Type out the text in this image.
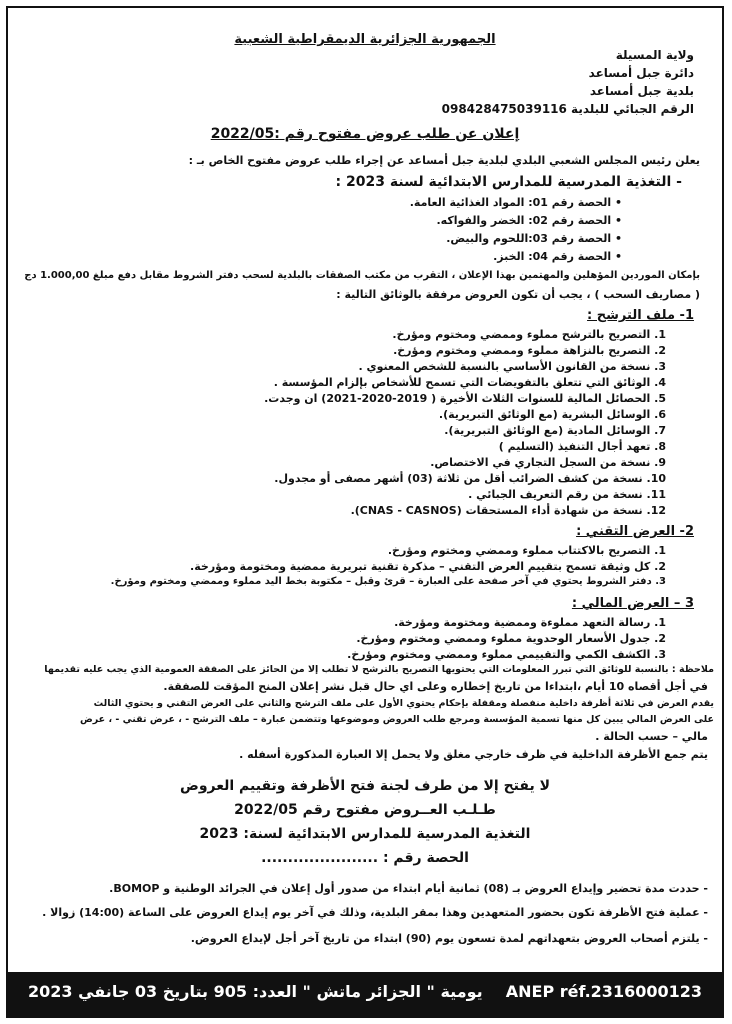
الجمهورية الجزائرية الديمقراطية الشعبية
ولاية المسيلة
دائرة جبل أمساعد
بلدية جبل أمساعد
الرقم الجبائي للبلدية 098428475039116
إعلان عن طلب عروض مفتوح رقم :2022/05
يعلن رئيس المجلس الشعبي البلدي لبلدية جبل أمساعد عن إجراء طلب عروض مفتوح الخاص بـ :
- التغذية المدرسية للمدارس الابتدائية لسنة 2023 :
• الحصة رقم 01: المواد الغذائية العامة.
• الحصة رقم 02: الخضر والفواكه.
• الحصة رقم 03:اللحوم والبيض.
• الحصة رقم 04: الخبز.
بإمكان الموردين المؤهلين والمهتمين بهذا الإعلان ، التقرب من مكتب الصفقات بالبلدية لسحب دفتر الشروط مقابل دفع مبلغ 1.000,00 دج
( مصاريف السحب ) ، يجب أن تكون العروض مرفقة بالوثائق التالية :
1- ملف الترشح :
1. التصريح بالترشح مملوء وممضي ومختوم ومؤرخ.
2. التصريح بالنزاهة مملوء وممضي ومختوم ومؤرخ.
3. نسخة من القانون الأساسي بالنسبة للشخص المعنوي .
4. الوثائق التي تتعلق بالتفويضات التي تسمح للأشخاص بإلزام المؤسسة .
5. الحصائل المالية للسنوات الثلاث الأخيرة ( 2019-2020-2021) ان وجدت.
6. الوسائل البشرية (مع الوثائق التبريرية).
7. الوسائل المادية (مع الوثائق التبريرية).
8. تعهد أجال التنفيذ (التسليم )
9. نسخة من السجل التجاري في الاختصاص.
10. نسخة من كشف الضرائب أقل من ثلاثة (03) أشهر مصفى أو مجدول.
11. نسخة من رقم التعريف الجبائي .
12. نسخة من شهادة أداء المستحقات (CNAS - CASNOS).
2- العرض التقني :
1. التصريح بالاكتتاب مملوء وممضي ومختوم ومؤرخ.
2. كل وثيقة تسمح بتقييم العرض التقني – مذكرة تقنية تبريرية ممضية ومختومة ومؤرخة.
3. دفتر الشروط يحتوي في آخر صفحة على العبارة – قرئ وقبل – مكتوبة بخط اليد مملوء وممضي ومختوم ومؤرخ.
3 – العرض المالي :
1. رسالة التعهد مملوءة وممضية ومختومة ومؤرخة.
2. جدول الأسعار الوحدوية مملوء وممضي ومختوم ومؤرخ.
3. الكشف الكمي والتقييمي مملوء وممضي ومختوم ومؤرخ.
ملاحظة : بالنسبة للوثائق التي تبرر المعلومات التي يحتويها التصريح بالترشح لا تطلب إلا من الحائز على الصفقة العمومية الذي يجب عليه تقديمها
في أجل أقصاه 10 أيام ،ابتداءا من تاريخ إخطاره وعلى اي حال قبل نشر إعلان المنح المؤقت للصفقة.
يقدم العرض في ثلاثة أظرفة داخلية منفصلة ومقفلة بإحكام يحتوي الأول على ملف الترشح والثاني على العرض التقني و يحتوي الثالث
على العرض المالي يبين كل منها تسمية المؤسسة ومرجع طلب العروض وموضوعها وتتضمن عبارة – ملف الترشح - ، عرض تقني - ، عرض
مالي – حسب الحالة .
يتم جمع الأظرفة الداخلية في ظرف خارجي مغلق ولا يحمل إلا العبارة المذكورة أسفله .
لا يفتح إلا من طرف لجنة فتح الأظرفة وتقييم العروض
طـلـب العــروض مفتوح رقم 2022/05
التغذية المدرسية للمدارس الابتدائية لسنة: 2023
الحصة رقم : ......................
- حددت مدة تحضير وإيداع العروض بـ (08) ثمانية أيام ابتداء من صدور أول إعلان في الجرائد الوطنية و BOMOP.
- عملية فتح الأظرفة تكون بحضور المتعهدين وهذا بمقر البلدية، وذلك في آخر يوم إيداع العروض على الساعة (14:00) زوالا .
- يلتزم أصحاب العروض بتعهداتهم لمدة تسعون يوم (90) ابتداء من تاريخ آخر أجل لإيداع العروض.
يومية " الجزائر ماتش " العدد: 905 بتاريخ 03 جانفي 2023 ANEP réf.2316000123
